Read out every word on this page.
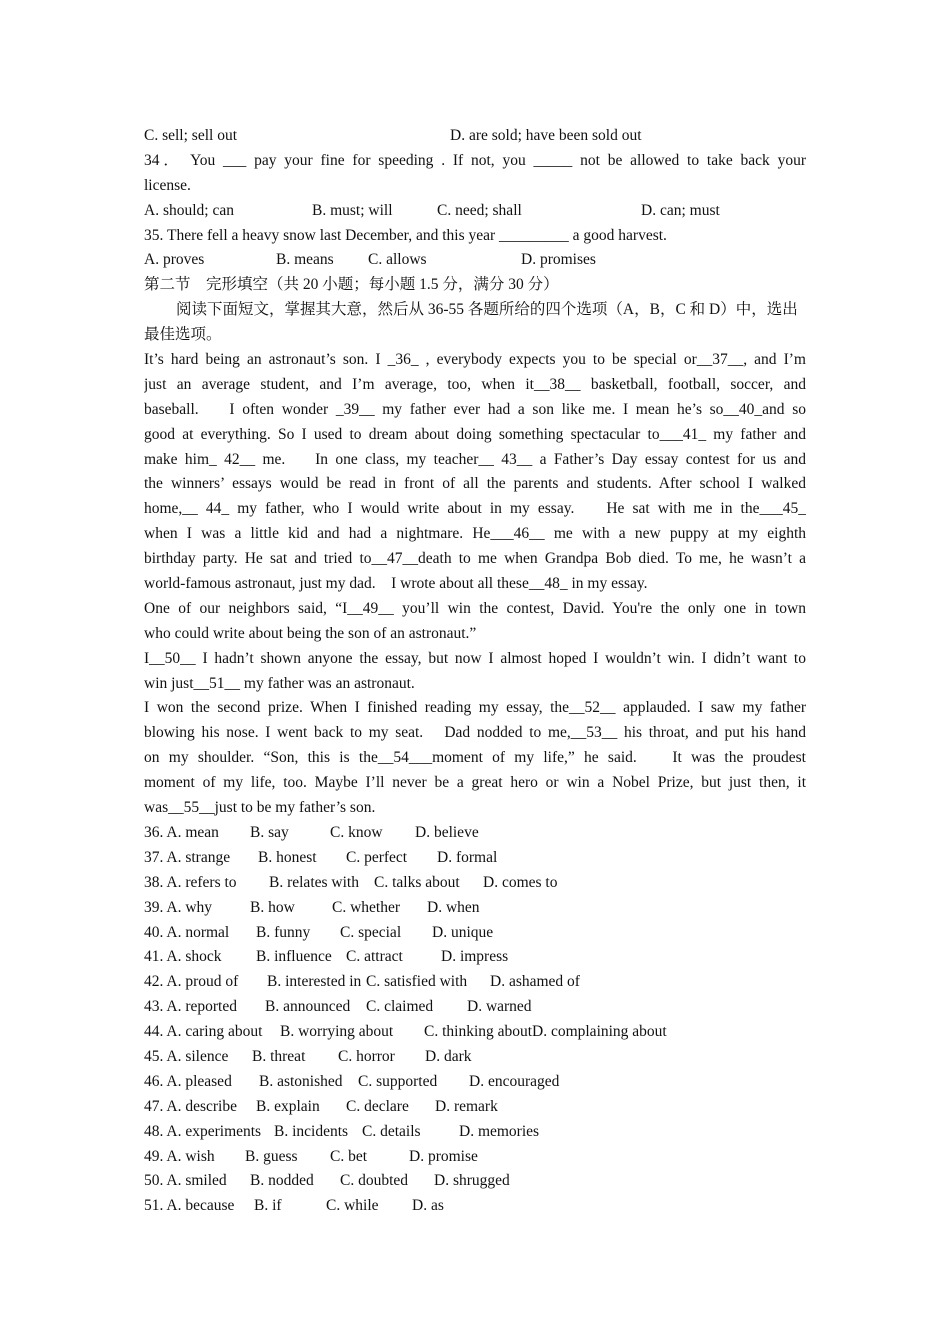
C. sell; sell out	D. are sold; have been sold out
34． You ___ pay your fine for speeding . If not, you _____ not be allowed to take back your
license.
A. should; can	B. must; will	C. need; shall	D. can; must
35. There fell a heavy snow last December, and this year _________ a good harvest.
A. proves	B. means C. allows	D. promises
第二节　完形填空（共 20 小题；每小题 1.5 分，满分 30 分）
阅读下面短文，掌握其大意，然后从 36-55 各题所给的四个选项（A，B，C 和 D）中，选出
最佳选项。
It’s hard being an astronaut’s son. I _36_ , everybody expects you to be special or__37__, and I’m
just an average student, and I’m average, too, when it__38__ basketball, football, soccer, and
baseball.　 I often wonder _39__ my father ever had a son like me. I mean he’s so__40_and so
good at everything. So I used to dream about doing something spectacular to___41_ my father and
make him_ 42__ me.　 In one class, my teacher__ 43__ a Father’s Day essay contest for us and
the winners’ essays would be read in front of all the parents and students. After school I walked
home,__ 44_ my father, who I would write about in my essay.　 He sat with me in the___45_
when I was a little kid and had a nightmare. He___46__ me with a new puppy at my eighth
birthday party. He sat and tried to__47__death to me when Grandpa Bob died. To me, he wasn’t a
world-famous astronaut, just my dad.　I wrote about all these__48_ in my essay.
One of our neighbors said, “I__49__ you’ll win the contest, David. You're the only one in town
who could write about being the son of an astronaut.”
I__50__ I hadn’t shown anyone the essay, but now I almost hoped I wouldn’t win. I didn’t want to
win just__51__ my father was an astronaut.
I won the second prize. When I finished reading my essay, the__52__ applauded. I saw my father
blowing his nose. I went back to my seat.　Dad nodded to me,__53__ his throat, and put his hand
on my shoulder. “Son, this is the__54___moment of my life,” he said.　 It was the proudest
moment of my life, too. Maybe I’ll never be a great hero or win a Nobel Prize, but just then, it
was__55__just to be my father’s son.
36. A. mean B. say	C. know D. believe
37. A. strange B. honest C. perfect D. formal
38. A. refers to B. relates with C. talks about D. comes to
39. A. why B. how C. whether D. when
40. A. normal B. funny C. special D. unique
41. A. shock B. influence C. attract D. impress
42. A. proud of B. interested in C. satisfied with D. ashamed of
43. A. reported B. announced C. claimed D. warned
44. A. caring about B. worrying about C. thinking about D. complaining about
45. A. silence B. threat C. horror D. dark
46. A. pleased B. astonished C. supported D. encouraged
47. A. describe B. explain C. declare D. remark
48. A. experiments B. incidents C. details D. memories
49. A. wish B. guess C. bet	D. promise
50. A. smiled B. nodded C. doubted D. shrugged
51. A. because B. if	C. while D. as
